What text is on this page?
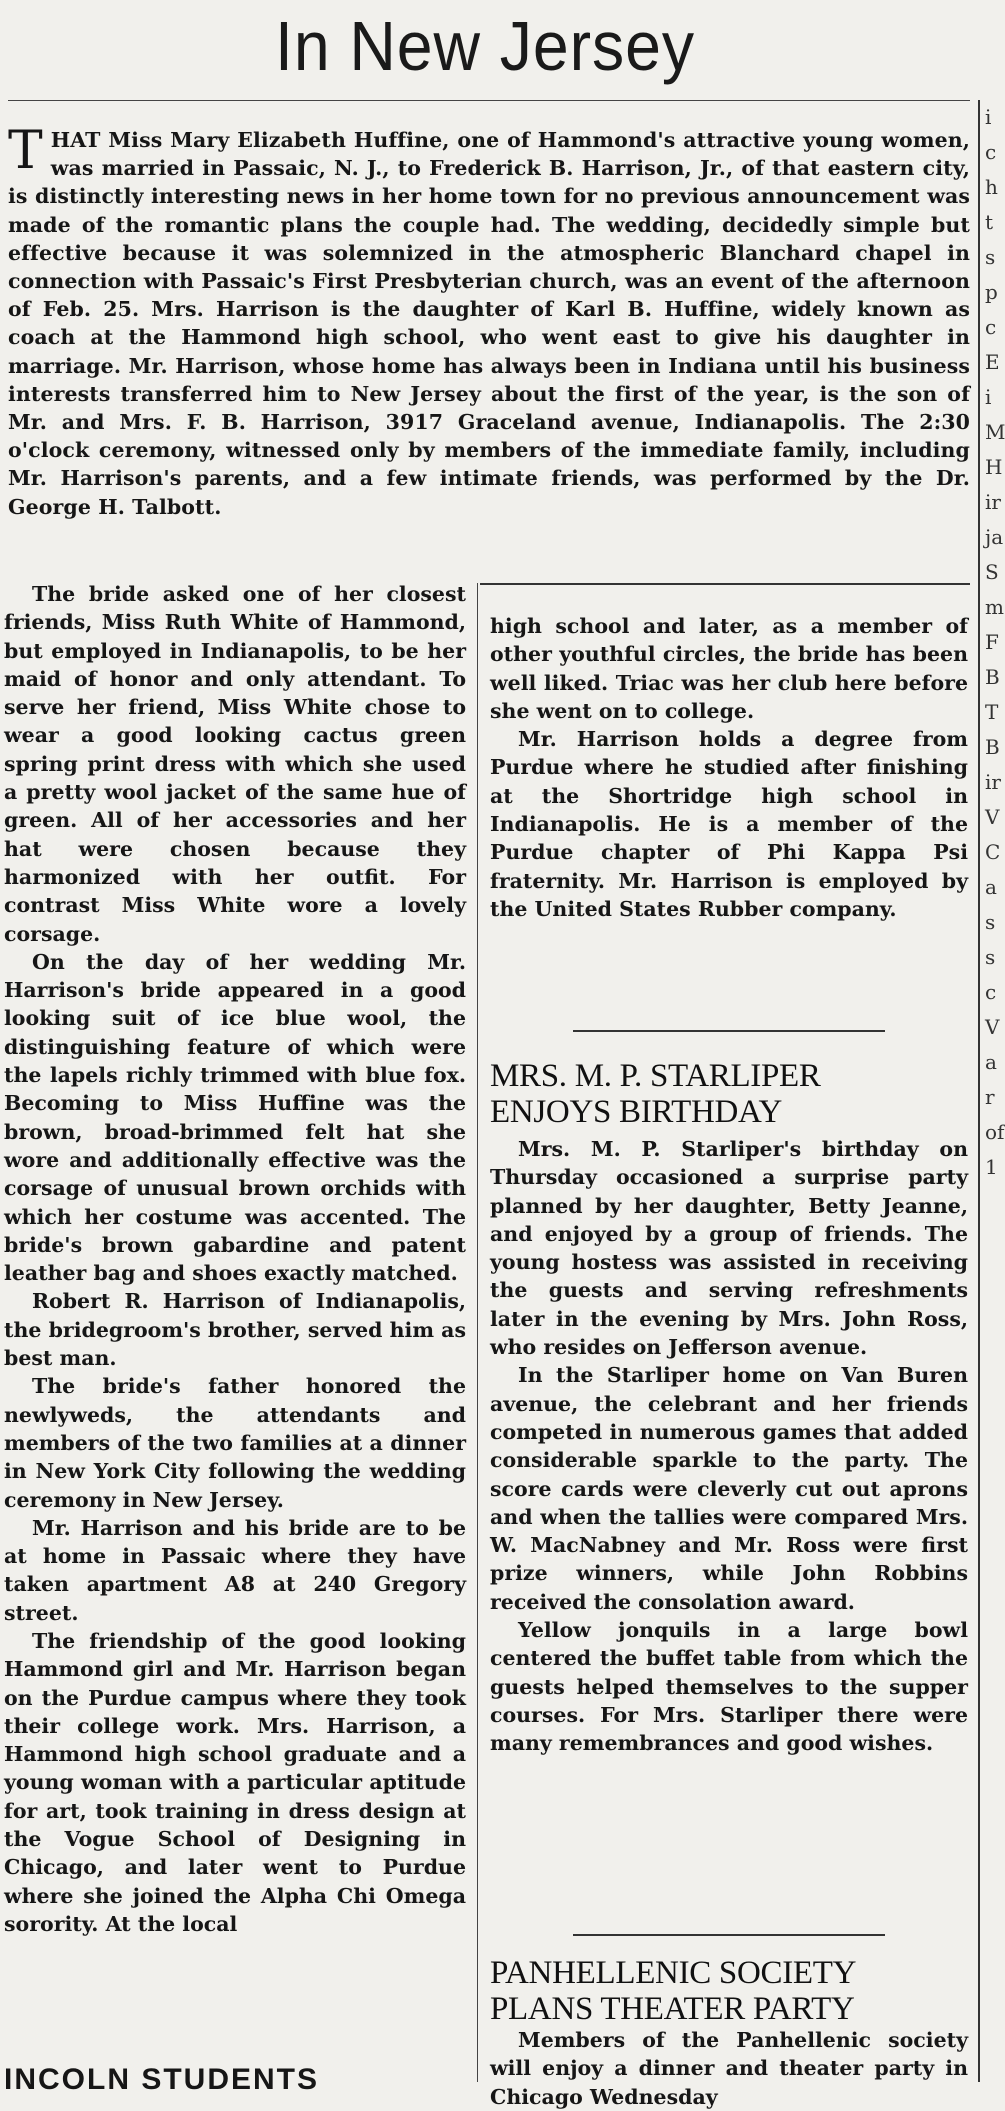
In New Jersey
i c h t s p c E i M H ir ja S m F B T B ir V C a s s c V a r of 1

THAT Miss Mary Elizabeth Huffine, one of Hammond's attractive young women, was married in Passaic, N. J., to Frederick B. Harrison, Jr., of that eastern city, is distinctly interesting news in her home town for no previous announcement was made of the romantic plans the couple had. The wedding, decidedly simple but effective because it was solemnized in the atmospheric Blanchard chapel in connection with Passaic's First Presbyterian church, was an event of the afternoon of Feb. 25. Mrs. Harrison is the daughter of Karl B. Huffine, widely known as coach at the Hammond high school, who went east to give his daughter in marriage. Mr. Harrison, whose home has always been in Indiana until his business interests transferred him to New Jersey about the first of the year, is the son of Mr. and Mrs. F. B. Harrison, 3917 Graceland avenue, Indianapolis. The 2:30 o'clock ceremony, witnessed only by members of the immediate family, including Mr. Harrison's parents, and a few intimate friends, was performed by the Dr. George H. Talbott.

The bride asked one of her closest friends, Miss Ruth White of Hammond, but employed in Indianapolis, to be her maid of honor and only attendant. To serve her friend, Miss White chose to wear a good looking cactus green spring print dress with which she used a pretty wool jacket of the same hue of green. All of her accessories and her hat were chosen because they harmonized with her outfit. For contrast Miss White wore a lovely corsage.

On the day of her wedding Mr. Harrison's bride appeared in a good looking suit of ice blue wool, the distinguishing feature of which were the lapels richly trimmed with blue fox. Becoming to Miss Huffine was the brown, broad-brimmed felt hat she wore and additionally effective was the corsage of unusual brown orchids with which her costume was accented. The bride's brown gabardine and patent leather bag and shoes exactly matched.

Robert R. Harrison of Indianapolis, the bridegroom's brother, served him as best man.

The bride's father honored the newlyweds, the attendants and members of the two families at a dinner in New York City following the wedding ceremony in New Jersey.

Mr. Harrison and his bride are to be at home in Passaic where they have taken apartment A8 at 240 Gregory street.

The friendship of the good looking Hammond girl and Mr. Harrison began on the Purdue campus where they took their college work. Mrs. Harrison, a Hammond high school graduate and a young woman with a particular aptitude for art, took training in dress design at the Vogue School of Designing in Chicago, and later went to Purdue where she joined the Alpha Chi Omega sorority. At the local

high school and later, as a member of other youthful circles, the bride has been well liked. Triac was her club here before she went on to college.

Mr. Harrison holds a degree from Purdue where he studied after finishing at the Shortridge high school in Indianapolis. He is a member of the Purdue chapter of Phi Kappa Psi fraternity. Mr. Harrison is employed by the United States Rubber company.

MRS. M. P. STARLIPER
ENJOYS BIRTHDAY

Mrs. M. P. Starliper's birthday on Thursday occasioned a surprise party planned by her daughter, Betty Jeanne, and enjoyed by a group of friends. The young hostess was assisted in receiving the guests and serving refreshments later in the evening by Mrs. John Ross, who resides on Jefferson avenue.

In the Starliper home on Van Buren avenue, the celebrant and her friends competed in numerous games that added considerable sparkle to the party. The score cards were cleverly cut out aprons and when the tallies were compared Mrs. W. MacNabney and Mr. Ross were first prize winners, while John Robbins received the consolation award.

Yellow jonquils in a large bowl centered the buffet table from which the guests helped themselves to the supper courses. For Mrs. Starliper there were many remembrances and good wishes.

PANHELLENIC SOCIETY
PLANS THEATER PARTY

Members of the Panhellenic society will enjoy a dinner and theater party in Chicago Wednesday

INCOLN STUDENTS
